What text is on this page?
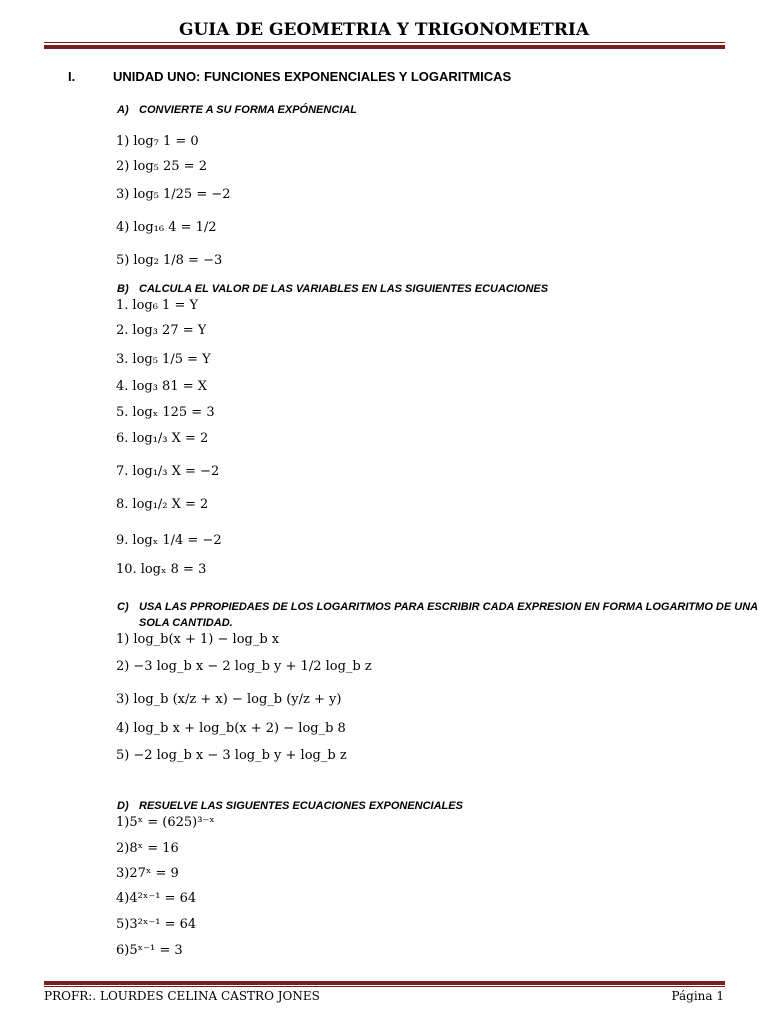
GUIA DE GEOMETRIA Y TRIGONOMETRIA
I.	UNIDAD UNO: FUNCIONES EXPONENCIALES Y LOGARITMICAS
A) CONVIERTE A SU FORMA EXPÓNENCIAL
1) log₇ 1 = 0
2) log₅ 25 = 2
3) log₅ 1/25 = −2
4) log₁₆ 4 = 1/2
5) log₂ 1/8 = −3
B) CALCULA EL VALOR DE LAS VARIABLES EN LAS SIGUIENTES ECUACIONES
1. log₆ 1 = Y
2. log₃ 27 = Y
3. log₅ 1/5 = Y
4. log₃ 81 = X
5. logₓ 125 = 3
6. log₁/₃ X = 2
7. log₁/₃ X = −2
8. log₁/₂ X = 2
9. logₓ 1/4 = −2
10. logₓ 8 = 3
C) USA LAS PPROPIEDAES DE LOS LOGARITMOS PARA ESCRIBIR CADA EXPRESION EN FORMA LOGARITMO DE UNA
SOLA CANTIDAD.
1) log_b(x + 1) − log_b x
2) −3 log_b x − 2 log_b y + 1/2 log_b z
3) log_b (x/z + x) − log_b (y/z + y)
4) log_b x + log_b(x + 2) − log_b 8
5) −2 log_b x − 3 log_b y + log_b z
D) RESUELVE LAS SIGUENTES ECUACIONES EXPONENCIALES
1)5ˣ = (625)³⁻ˣ
2)8ˣ = 16
3)27ˣ = 9
4)4²ˣ⁻¹ = 64
5)3²ˣ⁻¹ = 64
6)5ˣ⁻¹ = 3
PROFR:. LOURDES CELINA CASTRO JONES	Página 1
